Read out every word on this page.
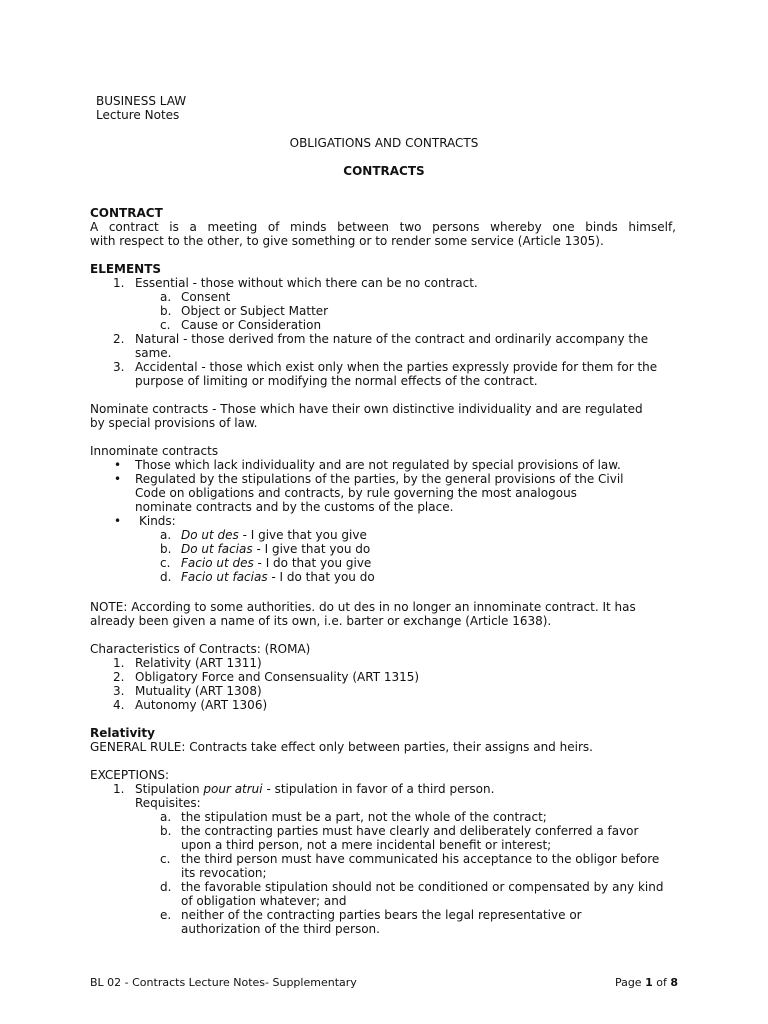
BUSINESS LAW
Lecture Notes
OBLIGATIONS AND CONTRACTS
CONTRACTS
CONTRACT
A contract is a meeting of minds between two persons whereby one binds himself,
with respect to the other, to give something or to render some service (Article 1305).
ELEMENTS
1. Essential - those without which there can be no contract.
a. Consent
b. Object or Subject Matter
c. Cause or Consideration
2. Natural - those derived from the nature of the contract and ordinarily accompany the
same.
3. Accidental - those which exist only when the parties expressly provide for them for the
purpose of limiting or modifying the normal effects of the contract.
Nominate contracts - Those which have their own distinctive individuality and are regulated
by special provisions of law.
Innominate contracts
• Those which lack individuality and are not regulated by special provisions of law.
• Regulated by the stipulations of the parties, by the general provisions of the Civil
Code on obligations and contracts, by rule governing the most analogous
nominate contracts and by the customs of the place.
• Kinds:
a. Do ut des - I give that you give
b. Do ut facias - I give that you do
c. Facio ut des - I do that you give
d. Facio ut facias - I do that you do
NOTE: According to some authorities. do ut des in no longer an innominate contract. It has
already been given a name of its own, i.e. barter or exchange (Article 1638).
Characteristics of Contracts: (ROMA)
1. Relativity (ART 1311)
2. Obligatory Force and Consensuality (ART 1315)
3. Mutuality (ART 1308)
4. Autonomy (ART 1306)
Relativity
GENERAL RULE: Contracts take effect only between parties, their assigns and heirs.
EXCEPTIONS:
1. Stipulation pour atrui - stipulation in favor of a third person.
Requisites:
a. the stipulation must be a part, not the whole of the contract;
b. the contracting parties must have clearly and deliberately conferred a favor
upon a third person, not a mere incidental benefit or interest;
c. the third person must have communicated his acceptance to the obligor before
its revocation;
d. the favorable stipulation should not be conditioned or compensated by any kind
of obligation whatever; and
e. neither of the contracting parties bears the legal representative or
authorization of the third person.
BL 02 - Contracts Lecture Notes- Supplementary	Page 1 of 8
